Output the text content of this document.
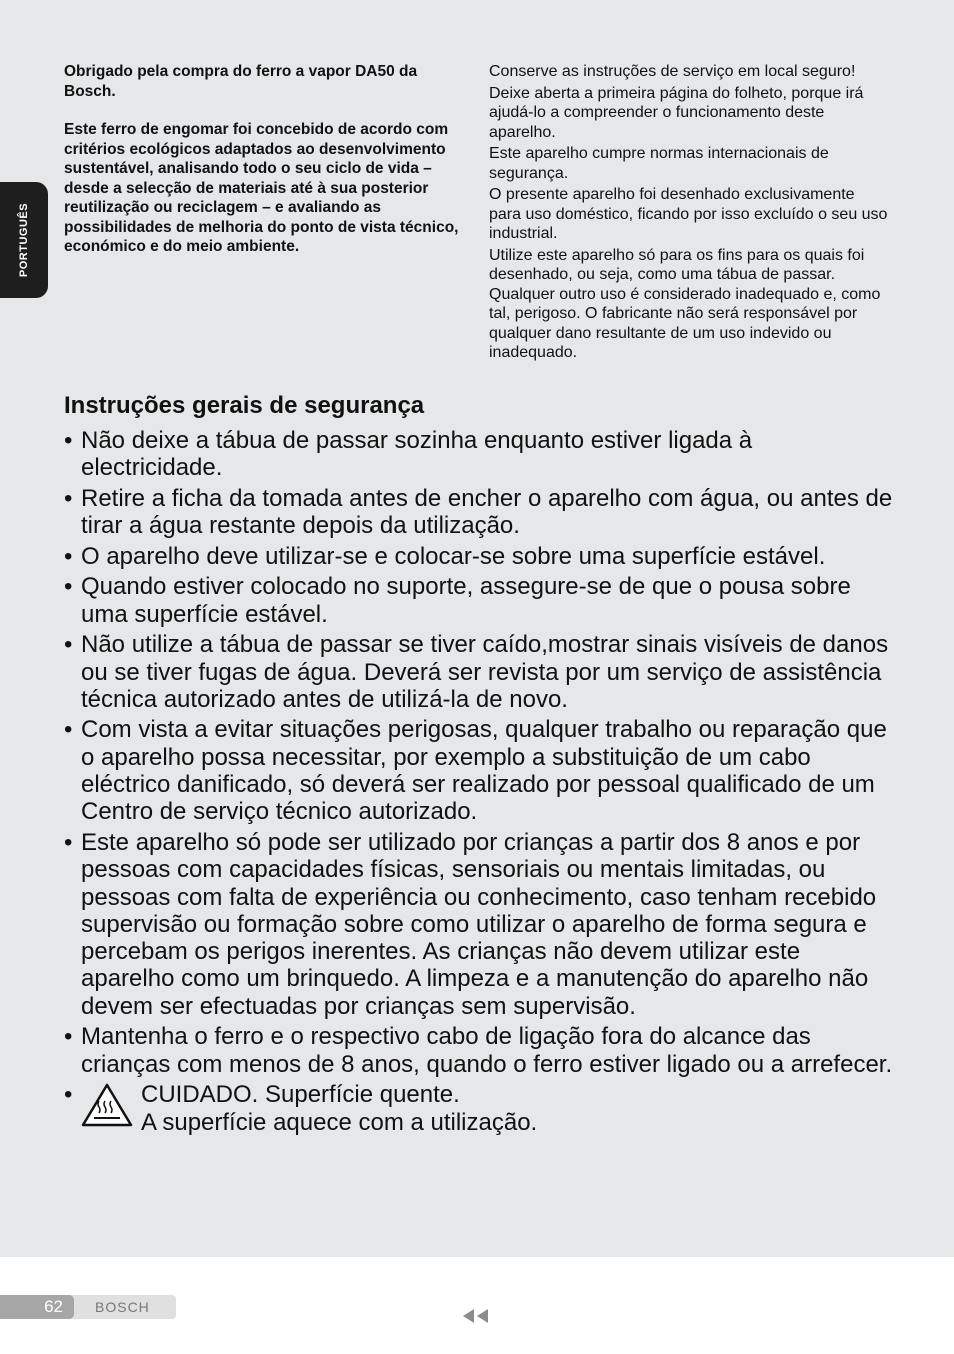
PORTUGUÊS

Obrigado pela compra do ferro a vapor DA50 da Bosch.

Este ferro de engomar foi concebido de acordo com critérios ecológicos adaptados ao desenvolvimento sustentável, analisando todo o seu ciclo de vida – desde a selecção de materiais até à sua posterior reutilização ou reciclagem – e avaliando as possibilidades de melhoria do ponto de vista técnico, económico e do meio ambiente.

Conserve as instruções de serviço em local seguro!

Deixe aberta a primeira página do folheto, porque irá ajudá-lo a compreender o funcionamento deste aparelho.

Este aparelho cumpre normas internacionais de segurança.

O presente aparelho foi desenhado exclusivamente para uso doméstico, ficando por isso excluído o seu uso industrial.

Utilize este aparelho só para os fins para os quais foi desenhado, ou seja, como uma tábua de passar. Qualquer outro uso é considerado inadequado e, como tal, perigoso. O fabricante não será responsável por qualquer dano resultante de um uso indevido ou inadequado.

Instruções gerais de segurança
• Não deixe a tábua de passar sozinha enquanto estiver ligada à electricidade.
• Retire a ficha da tomada antes de encher o aparelho com água, ou antes de tirar a água restante depois da utilização.
• O aparelho deve utilizar-se e colocar-se sobre uma superfície estável.
• Quando estiver colocado no suporte, assegure-se de que o pousa sobre uma superfície estável.
• Não utilize a tábua de passar se tiver caído,mostrar sinais visíveis de danos ou se tiver fugas de água. Deverá ser revista por um serviço de assistência técnica autorizado antes de utilizá-la de novo.
• Com vista a evitar situações perigosas, qualquer trabalho ou reparação que o aparelho possa necessitar, por exemplo a substituição de um cabo eléctrico danificado, só deverá ser realizado por pessoal qualificado de um Centro de serviço técnico autorizado.
• Este aparelho só pode ser utilizado por crianças a partir dos 8 anos e por pessoas com capacidades físicas, sensoriais ou mentais limitadas, ou pessoas com falta de experiência ou conhecimento, caso tenham recebido supervisão ou formação sobre como utilizar o aparelho de forma segura e percebam os perigos inerentes. As crianças não devem utilizar este aparelho como um brinquedo. A limpeza e a manutenção do aparelho não devem ser efectuadas por crianças sem supervisão.
• Mantenha o ferro e o respectivo cabo de ligação fora do alcance das crianças com menos de 8 anos, quando o ferro estiver ligado ou a arrefecer.
• CUIDADO. Superfície quente.
A superfície aquece com a utilização.
62	BOSCH
